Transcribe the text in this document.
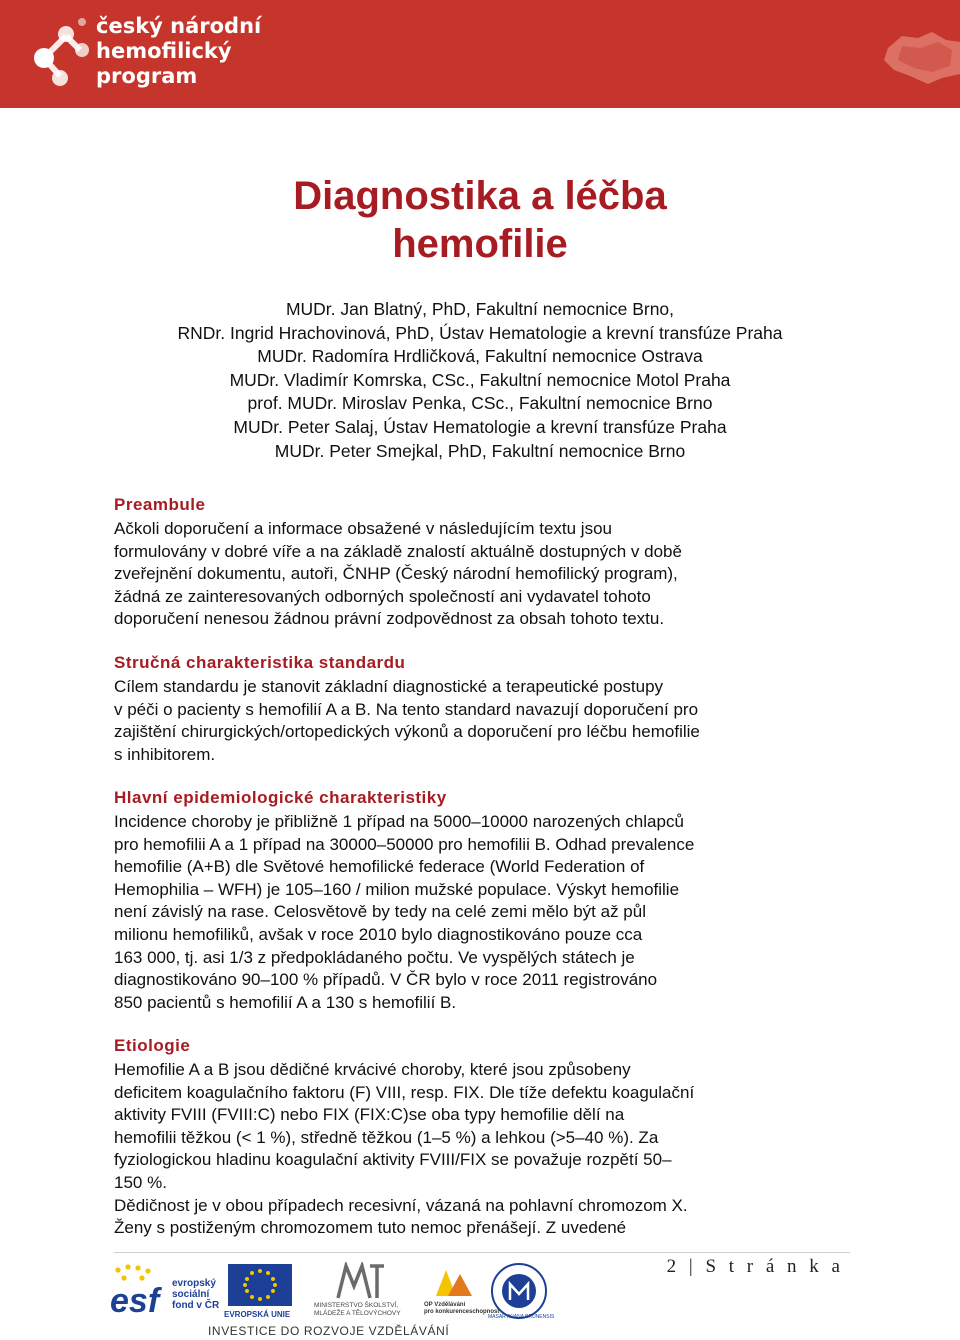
český národní
hemofilický
program
Diagnostika a léčba
hemofilie
MUDr. Jan Blatný, PhD, Fakultní nemocnice Brno,
RNDr. Ingrid Hrachovinová, PhD, Ústav Hematologie a krevní transfúze Praha
MUDr. Radomíra Hrdličková, Fakultní nemocnice Ostrava
MUDr. Vladimír Komrska, CSc., Fakultní nemocnice Motol Praha
prof. MUDr. Miroslav Penka, CSc., Fakultní nemocnice Brno
MUDr. Peter Salaj, Ústav Hematologie a krevní transfúze Praha
MUDr. Peter Smejkal, PhD, Fakultní nemocnice Brno
Preambule
Ačkoli doporučení a informace obsažené v následujícím textu jsou
formulovány v dobré víře a na základě znalostí aktuálně dostupných v době
zveřejnění dokumentu, autoři, ČNHP (Český národní hemofilický program),
žádná ze zainteresovaných odborných společností ani vydavatel tohoto
doporučení nenesou žádnou právní zodpovědnost za obsah tohoto textu.
Stručná charakteristika standardu
Cílem standardu je stanovit základní diagnostické a terapeutické postupy
v péči o pacienty s hemofilií A a B. Na tento standard navazují doporučení pro
zajištění chirurgických/ortopedických výkonů a doporučení pro léčbu hemofilie
s inhibitorem.
Hlavní epidemiologické charakteristiky
Incidence choroby je přibližně 1 případ na 5000–10000 narozených chlapců
pro hemofilii A a 1 případ na 30000–50000 pro hemofilii B. Odhad prevalence
hemofilie (A+B) dle Světové hemofilické federace (World Federation of
Hemophilia – WFH) je 105–160 / milion mužské populace. Výskyt hemofilie
není závislý na rase. Celosvětově by tedy na celé zemi mělo být až půl
milionu hemofiliků, avšak v roce 2010 bylo diagnostikováno pouze cca
163 000, tj. asi 1/3 z předpokládaného počtu. Ve vyspělých státech je
diagnostikováno 90–100 % případů. V ČR bylo v roce 2011 registrováno
850 pacientů s hemofilií A a 130 s hemofilií B.
Etiologie
Hemofilie A a B jsou dědičné krvácivé choroby, které jsou způsobeny
deficitem koagulačního faktoru (F) VIII, resp. FIX. Dle tíže defektu koagulační
aktivity FVIII (FVIII:C) nebo FIX (FIX:C)se oba typy hemofilie dělí na
hemofilii těžkou (< 1 %), středně těžkou (1–5 %) a lehkou (>5–40 %). Za
fyziologickou hladinu koagulační aktivity FVIII/FIX se považuje rozpětí 50–
150 %.
Dědičnost je v obou případech recesivní, vázaná na pohlavní chromozom X.
Ženy s postiženým chromozomem tuto nemoc přenášejí. Z uvedené
2 | S t r á n k a
esf	evropský
sociální
fond v ČR
EVROPSKÁ UNIE
MINISTERSTVO ŠKOLSTVÍ,
MLÁDEŽE A TĚLOVÝCHOVY
OP Vzdělávání
pro konkurenceschopnost
MASARYKIANA BRUNENSIS
INVESTICE DO ROZVOJE VZDĚLÁVÁNÍ
